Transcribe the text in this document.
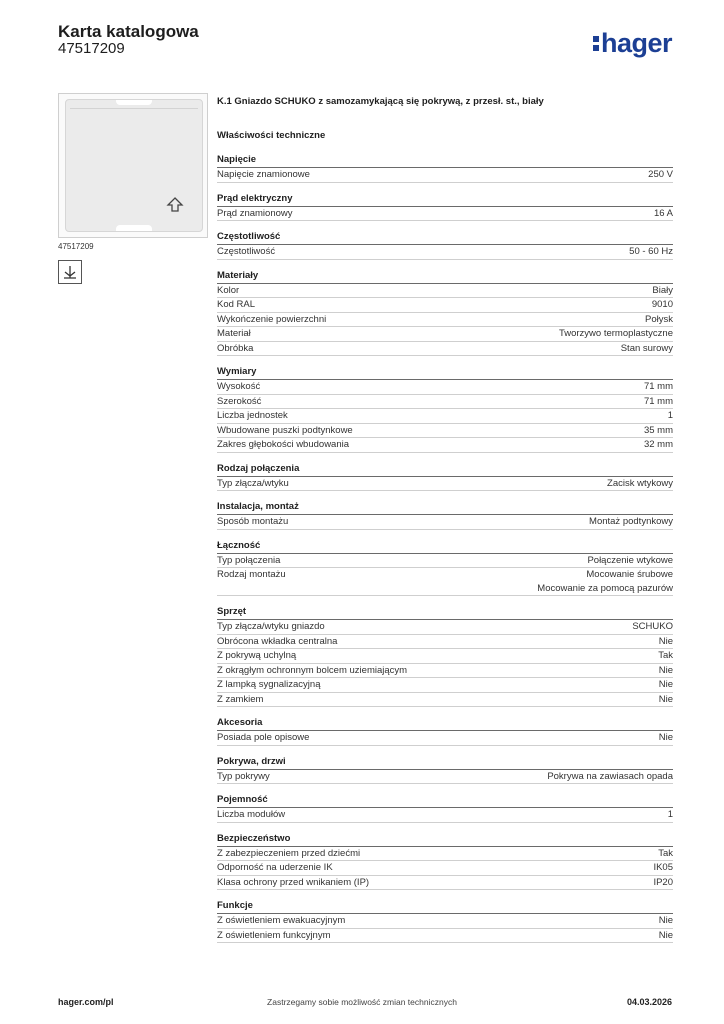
Karta katalogowa
47517209	hager
47517209
K.1 Gniazdo SCHUKO z samozamykającą się pokrywą, z przesł. st., biały
Właściwości techniczne
Napięcie
Napięcie znamionowe	250 V
Prąd elektryczny
Prąd znamionowy	16 A
Częstotliwość
Częstotliwość	50 - 60 Hz
Materiały
Kolor	Biały
Kod RAL	9010
Wykończenie powierzchni	Połysk
Materiał	Tworzywo termoplastyczne
Obróbka	Stan surowy
Wymiary
Wysokość	71 mm
Szerokość	71 mm
Liczba jednostek	1
Wbudowane puszki podtynkowe	35 mm
Zakres głębokości wbudowania	32 mm
Rodzaj połączenia
Typ złącza/wtyku	Zacisk wtykowy
Instalacja, montaż
Sposób montażu	Montaż podtynkowy
Łączność
Typ połączenia	Połączenie wtykowe
Rodzaj montażu	Mocowanie śrubowe
Mocowanie za pomocą pazurów
Sprzęt
Typ złącza/wtyku gniazdo	SCHUKO
Obrócona wkładka centralna	Nie
Z pokrywą uchylną	Tak
Z okrągłym ochronnym bolcem uziemiającym	Nie
Z lampką sygnalizacyjną	Nie
Z zamkiem	Nie
Akcesoria
Posiada pole opisowe	Nie
Pokrywa, drzwi
Typ pokrywy	Pokrywa na zawiasach opada
Pojemność
Liczba modułów	1
Bezpieczeństwo
Z zabezpieczeniem przed dziećmi	Tak
Odporność na uderzenie IK	IK05
Klasa ochrony przed wnikaniem (IP)	IP20
Funkcje
Z oświetleniem ewakuacyjnym	Nie
Z oświetleniem funkcyjnym	Nie
hager.com/pl	Zastrzegamy sobie możliwość zmian technicznych	04.03.2026
